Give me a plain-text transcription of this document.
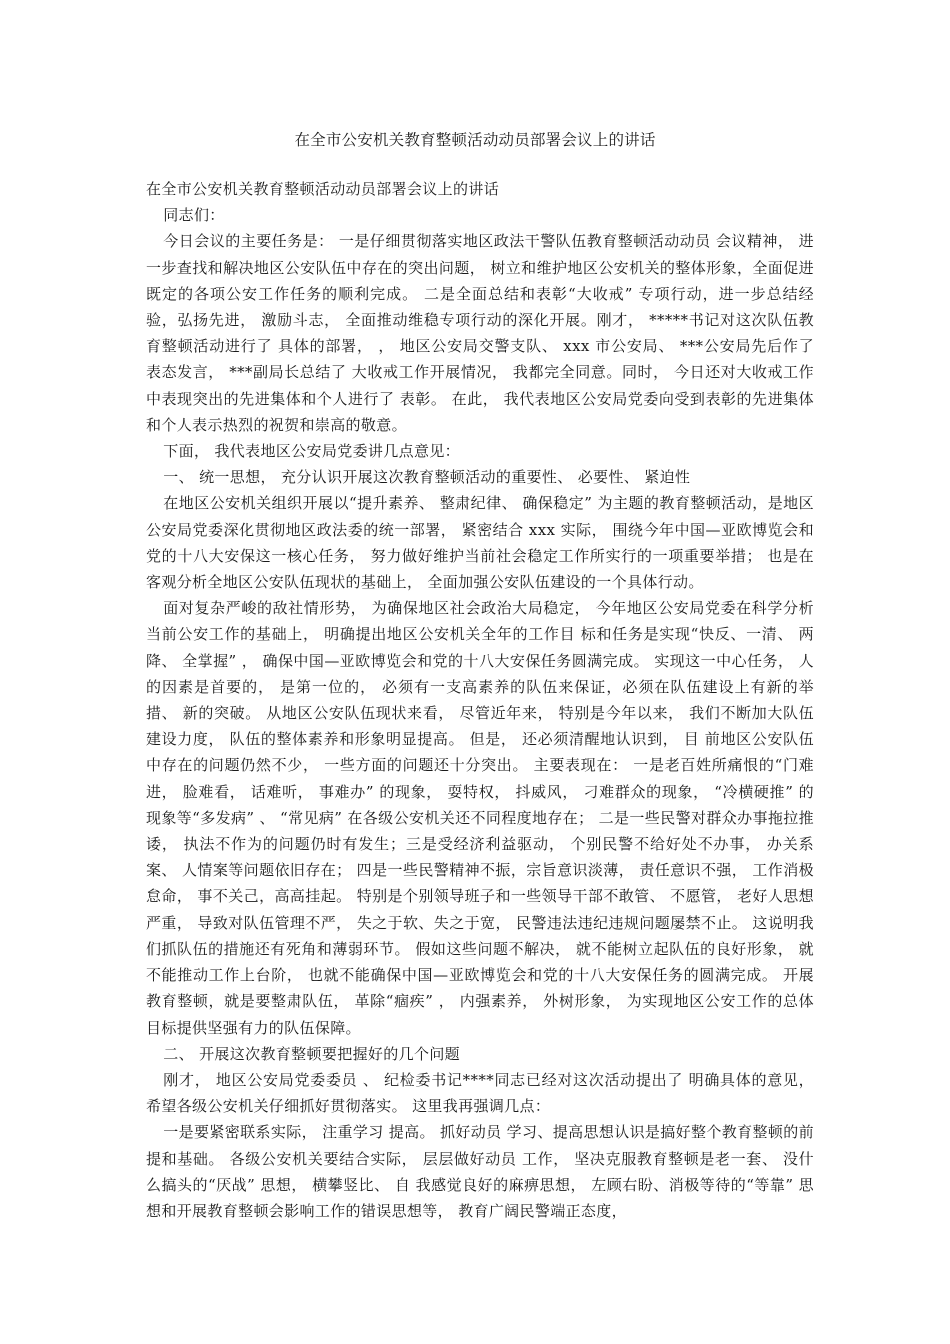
在全市公安机关教育整顿活动动员部署会议上的讲话

在全市公安机关教育整顿活动动员部署会议上的讲话

同志们：

今日会议的主要任务是： 一是仔细贯彻落实地区政法干警队伍教育整顿活动动员 会议精神， 进一步查找和解决地区公安队伍中存在的突出问题， 树立和维护地区公安机关的整体形象，全面促进既定的各项公安工作任务的顺利完成。 二是全面总结和表彰“大收戒” 专项行动，进一步总结经验，弘扬先进， 激励斗志， 全面推动维稳专项行动的深化开展。刚才， *****书记对这次队伍教育整顿活动进行了 具体的部署， ， 地区公安局交警支队、 xxx 市公安局、 ***公安局先后作了 表态发言， ***副局长总结了 大收戒工作开展情况， 我都完全同意。同时， 今日还对大收戒工作中表现突出的先进集体和个人进行了 表彰。 在此， 我代表地区公安局党委向受到表彰的先进集体和个人表示热烈的祝贺和崇高的敬意。

下面， 我代表地区公安局党委讲几点意见：

一、 统一思想， 充分认识开展这次教育整顿活动的重要性、 必要性、 紧迫性

在地区公安机关组织开展以“提升素养、 整肃纪律、 确保稳定” 为主题的教育整顿活动，是地区公安局党委深化贯彻地区政法委的统一部署， 紧密结合 xxx 实际， 围绕今年中国—亚欧博览会和党的十八大安保这一核心任务， 努力做好维护当前社会稳定工作所实行的一项重要举措； 也是在客观分析全地区公安队伍现状的基础上， 全面加强公安队伍建设的一个具体行动。

面对复杂严峻的敌社情形势， 为确保地区社会政治大局稳定， 今年地区公安局党委在科学分析当前公安工作的基础上， 明确提出地区公安机关全年的工作目 标和任务是实现“快反、一清、 两降、 全掌握” ， 确保中国—亚欧博览会和党的十八大安保任务圆满完成。 实现这一中心任务， 人的因素是首要的， 是第一位的， 必须有一支高素养的队伍来保证，必须在队伍建设上有新的举措、 新的突破。 从地区公安队伍现状来看， 尽管近年来， 特别是今年以来， 我们不断加大队伍建设力度， 队伍的整体素养和形象明显提高。 但是， 还必须清醒地认识到， 目 前地区公安队伍中存在的问题仍然不少， 一些方面的问题还十分突出。 主要表现在： 一是老百姓所痛恨的“门难进， 脸难看， 话难听， 事难办” 的现象， 耍特权， 抖威风， 刁难群众的现象， “冷横硬推” 的现象等“多发病” 、 “常见病” 在各级公安机关还不同程度地存在； 二是一些民警对群众办事拖拉推诿， 执法不作为的问题仍时有发生；三是受经济利益驱动， 个别民警不给好处不办事， 办关系案、 人情案等问题依旧存在； 四是一些民警精神不振，宗旨意识淡薄， 责任意识不强， 工作消极怠命， 事不关己，高高挂起。 特别是个别领导班子和一些领导干部不敢管、 不愿管， 老好人思想严重， 导致对队伍管理不严， 失之于软、失之于宽， 民警违法违纪违规问题屡禁不止。 这说明我们抓队伍的措施还有死角和薄弱环节。 假如这些问题不解决， 就不能树立起队伍的良好形象， 就不能推动工作上台阶， 也就不能确保中国—亚欧博览会和党的十八大安保任务的圆满完成。 开展教育整顿，就是要整肃队伍， 革除“痼疾” ， 内强素养， 外树形象， 为实现地区公安工作的总体目标提供坚强有力的队伍保障。

二、 开展这次教育整顿要把握好的几个问题

刚才， 地区公安局党委委员 、 纪检委书记****同志已经对这次活动提出了 明确具体的意见， 希望各级公安机关仔细抓好贯彻落实。 这里我再强调几点：

一是要紧密联系实际， 注重学习 提高。 抓好动员 学习、提高思想认识是搞好整个教育整顿的前提和基础。 各级公安机关要结合实际， 层层做好动员 工作， 坚决克服教育整顿是老一套、 没什么搞头的“厌战” 思想， 横攀竖比、 自 我感觉良好的麻痹思想， 左顾右盼、消极等待的“等靠” 思想和开展教育整顿会影响工作的错误思想等， 教育广阔民警端正态度，
